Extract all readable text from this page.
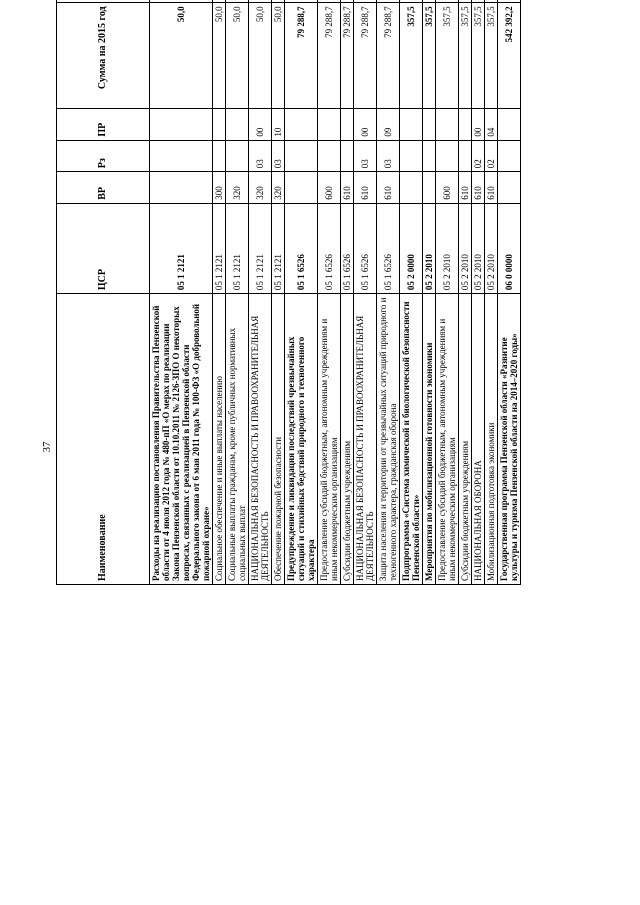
37
Наименование	ЦСР	ВР	Рз	ПР	Сумма на 2015 год		
Расходы на реализацию постановления Правительства Пензенской области от 4 июля 2012 года № 480-пП «О мерах по реализации Закона Пензенской области от 10.10.2011 № 2126-ЗПО О некоторых вопросах, связанных с реализацией в Пензенской области Федерального закона от 6 мая 2011 года № 100-ФЗ «О добровольной пожарной охране»	05 1 2121				50,0		
Социальное обеспечение и иные выплаты населению	05 1 2121	300			50,0		
Социальные выплаты гражданам, кроме публичных нормативных социальных выплат	05 1 2121	320			50,0		
НАЦИОНАЛЬНАЯ БЕЗОПАСНОСТЬ И ПРАВООХРАНИТЕЛЬНАЯ ДЕЯТЕЛЬНОСТЬ	05 1 2121	320	03	00	50,0		
Обеспечение пожарной безопасности	05 1 2121	320	03	10	50,0		
Предупреждение и ликвидация последствий чрезвычайных ситуаций и стихийных бедствий природного и техногенного характера	05 1 6526				79 288,7		
Предоставление субсидий бюджетным, автономным учреждениям и иным некоммерческим организациям	05 1 6526	600			79 288,7		
Субсидии бюджетным учреждениям	05 1 6526	610			79 288,7		
НАЦИОНАЛЬНАЯ БЕЗОПАСНОСТЬ И ПРАВООХРАНИТЕЛЬНАЯ ДЕЯТЕЛЬНОСТЬ	05 1 6526	610	03	00	79 288,7		
Защита населения и территории от чрезвычайных ситуаций природного и техногенного характера, гражданская оборона	05 1 6526	610	03	09	79 288,7		
Подпрограмма «Система химической и биологической безопасности Пензенской области»	05 2 0000				357,5		
Мероприятия по мобилизационной готовности экономики	05 2 2010				357,5		
Предоставление субсидий бюджетным, автономным учреждениям и иным некоммерческим организациям	05 2 2010	600			357,5		
Субсидии бюджетным учреждениям	05 2 2010	610			357,5		
НАЦИОНАЛЬНАЯ ОБОРОНА	05 2 2010	610	02	00	357,5		
Мобилизационная подготовка экономики	05 2 2010	610	02	04	357,5		
Государственная программа Пензенской области «Развитие культуры и туризма Пензенской области на 2014–2020 годы»	06 0 0000				542 392,2		
